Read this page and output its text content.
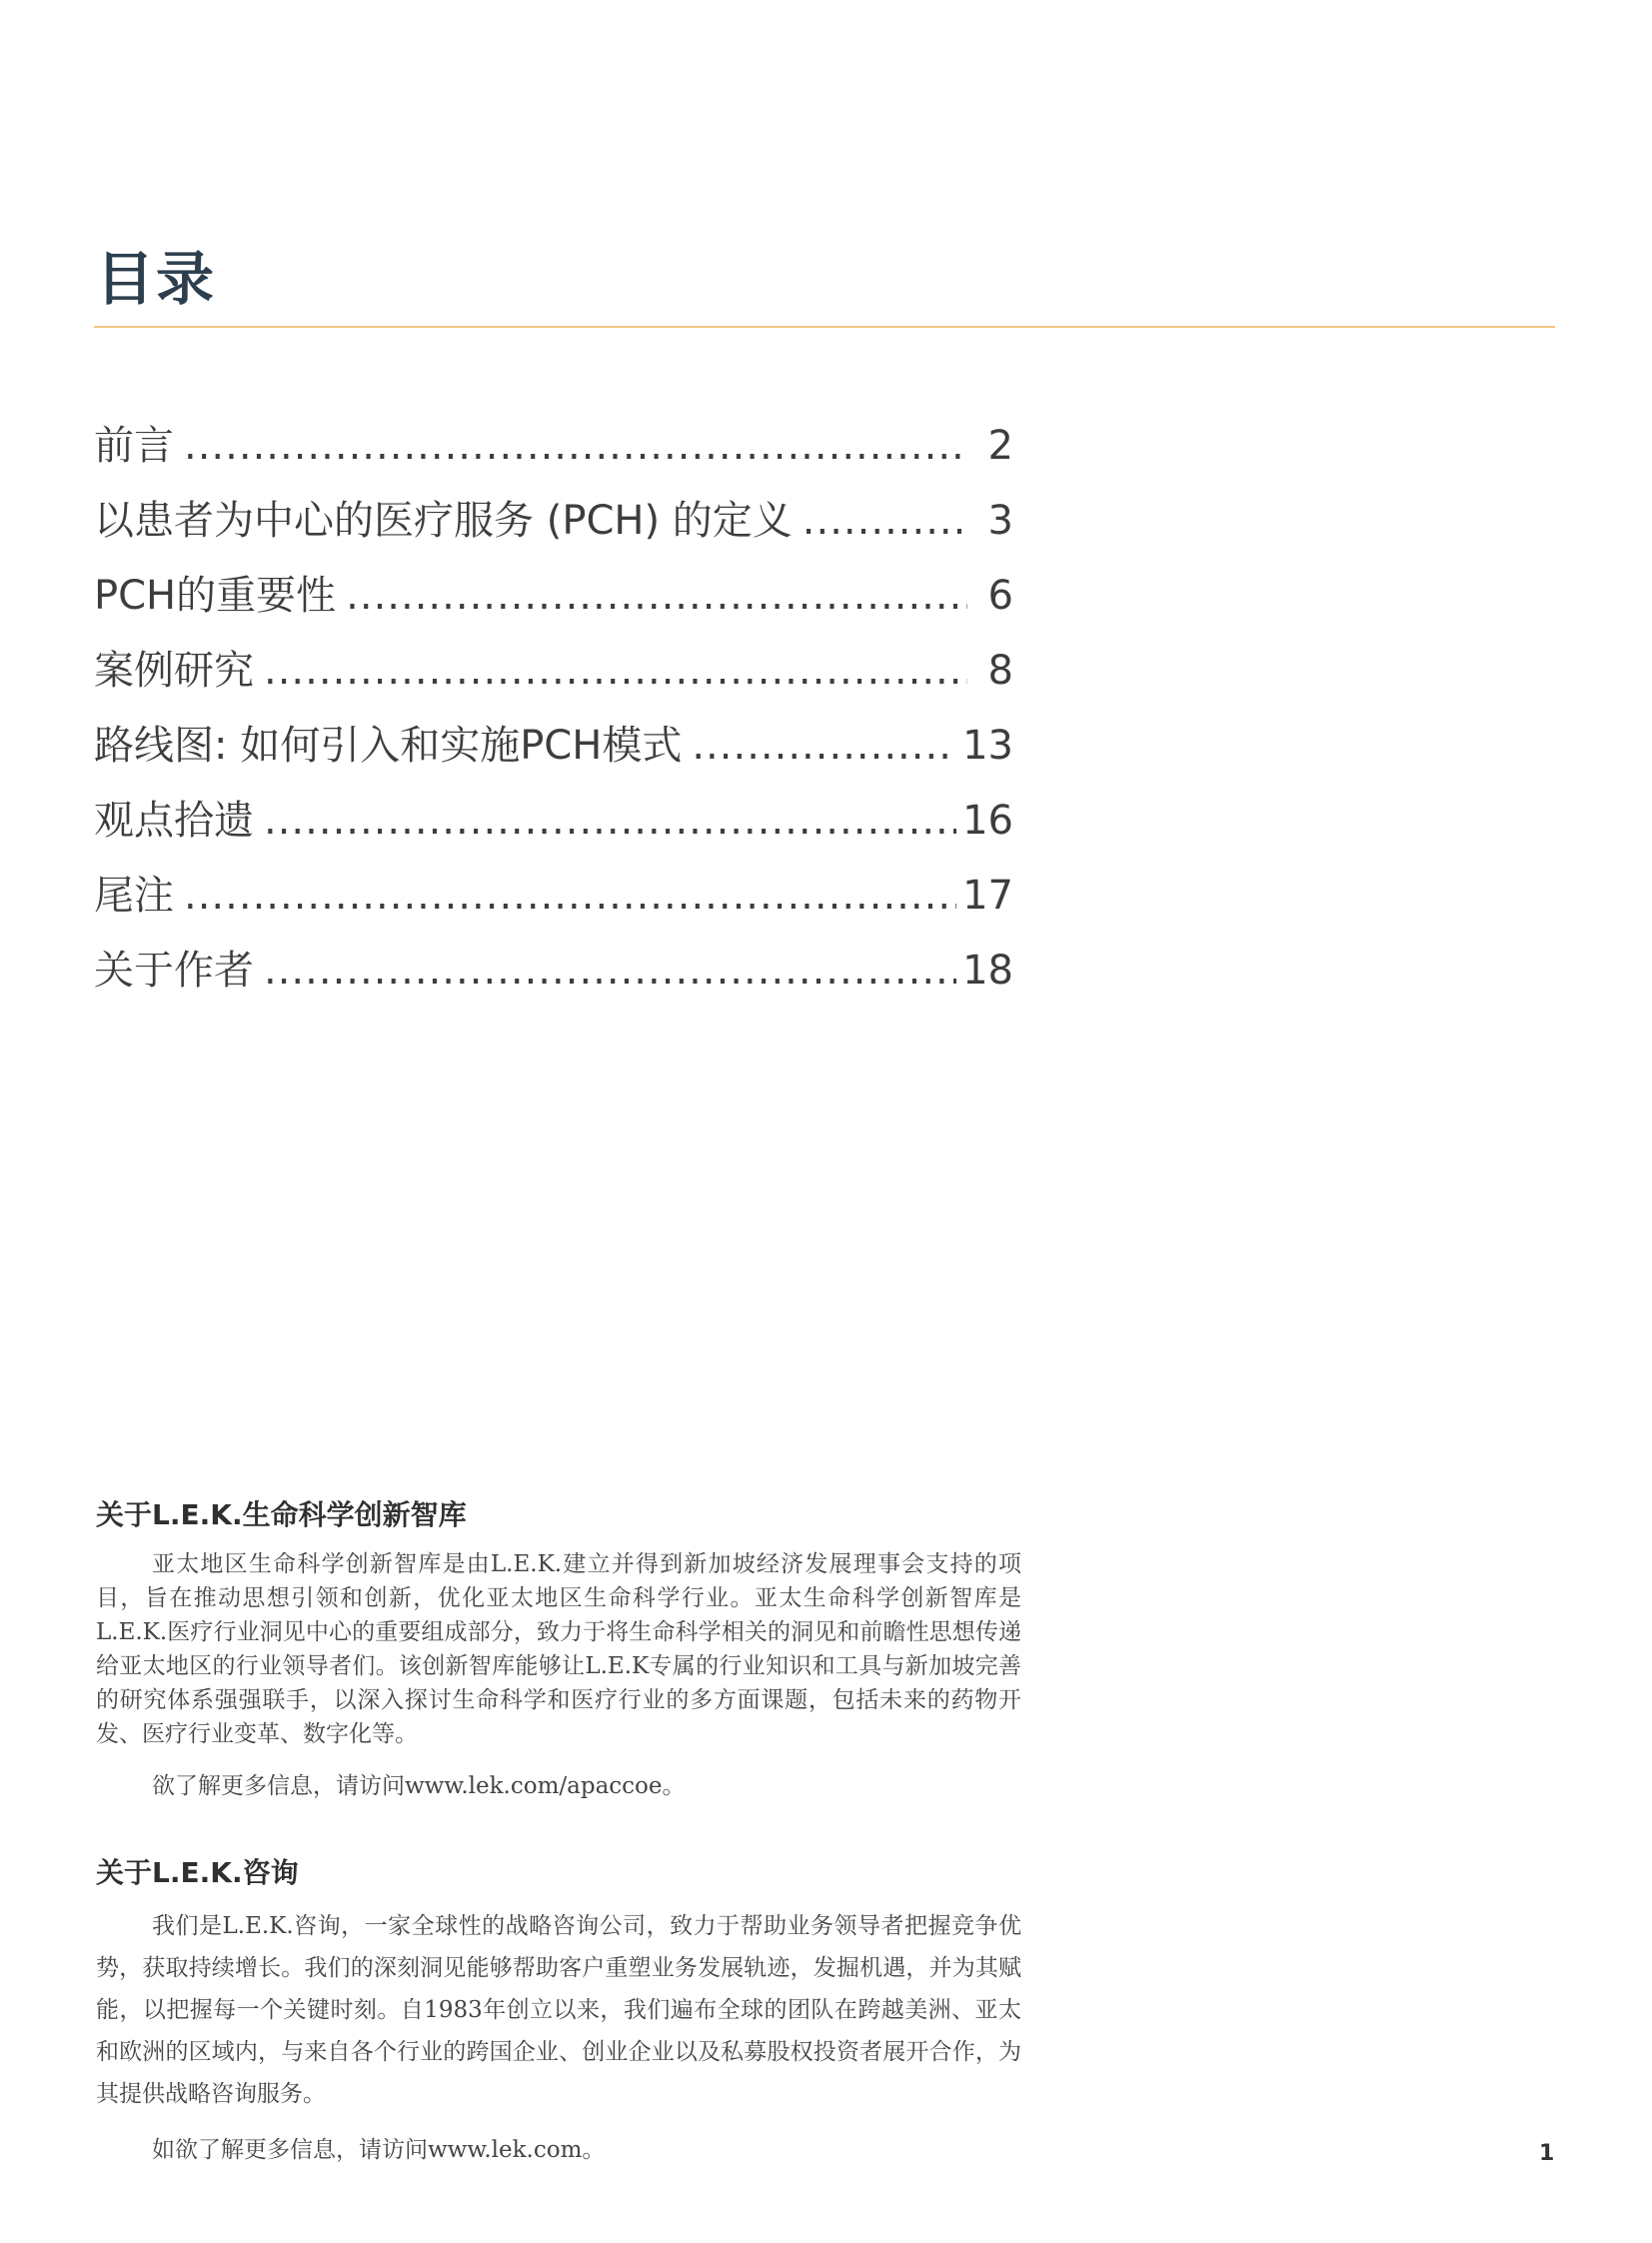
目录
前言 .....	2
以患者为中心的医疗服务 (PCH) 的定义 .....	3
PCH的重要性 .....	6
案例研究 .....	8
路线图: 如何引入和实施PCH模式 .....	13
观点拾遗 .....	16
尾注 .....	17
关于作者 .....	18
关于L.E.K.生命科学创新智库

亚太地区生命科学创新智库是由L.E.K.建立并得到新加坡经济发展理事会支持的项目，旨在推动思想引领和创新，优化亚太地区生命科学行业。亚太生命科学创新智库是L.E.K.医疗行业洞见中心的重要组成部分，致力于将生命科学相关的洞见和前瞻性思想传递给亚太地区的行业领导者们。该创新智库能够让L.E.K专属的行业知识和工具与新加坡完善的研究体系强强联手，以深入探讨生命科学和医疗行业的多方面课题，包括未来的药物开发、医疗行业变革、数字化等。

欲了解更多信息，请访问www.lek.com/apaccoe。

关于L.E.K.咨询

我们是L.E.K.咨询，一家全球性的战略咨询公司，致力于帮助业务领导者把握竞争优势，获取持续增长。我们的深刻洞见能够帮助客户重塑业务发展轨迹，发掘机遇，并为其赋能，以把握每一个关键时刻。自1983年创立以来，我们遍布全球的团队在跨越美洲、亚太和欧洲的区域内，与来自各个行业的跨国企业、创业企业以及私募股权投资者展开合作，为其提供战略咨询服务。

如欲了解更多信息，请访问www.lek.com。	1
